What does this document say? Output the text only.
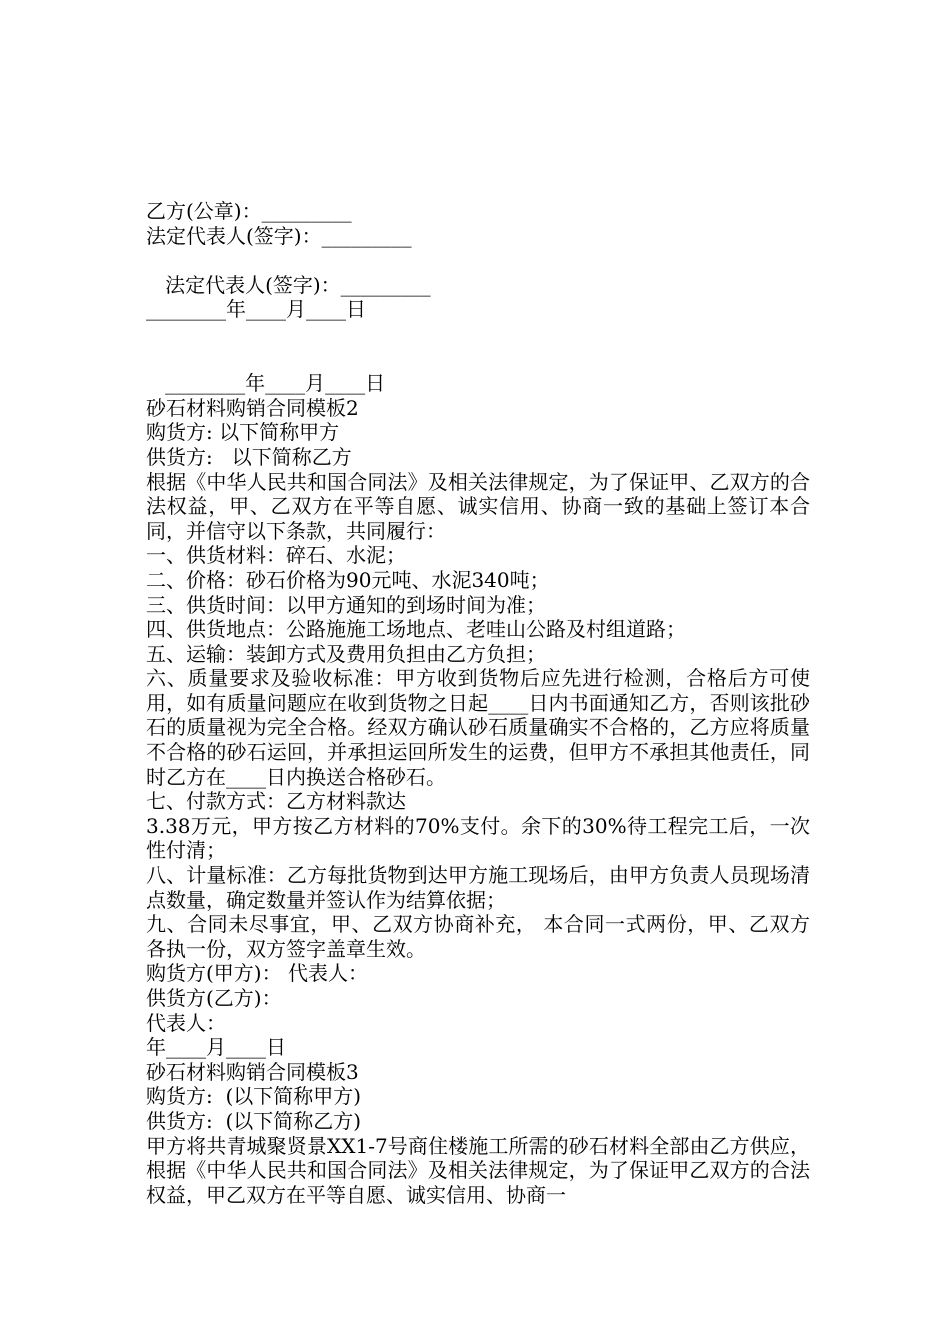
乙方(公章)：_________
法定代表人(签字)：_________
法定代表人(签字)：_________
________年____月____日
________年____月____日
砂石材料购销合同模板2
购货方: 以下简称甲方
供货方:   以下简称乙方
根据《中华人民共和国合同法》及相关法律规定，为了保证甲、乙双方的合法权益，甲、乙双方在平等自愿、诚实信用、协商一致的基础上签订本合同，并信守以下条款，共同履行：
一、供货材料：碎石、水泥；
二、价格：砂石价格为90元吨、水泥340吨；
三、供货时间：以甲方通知的到场时间为准；
四、供货地点：公路施施工场地点、老哇山公路及村组道路；
五、运输：装卸方式及费用负担由乙方负担；
六、质量要求及验收标准：甲方收到货物后应先进行检测，合格后方可使用，如有质量问题应在收到货物之日起____日内书面通知乙方，否则该批砂石的质量视为完全合格。经双方确认砂石质量确实不合格的，乙方应将质量不合格的砂石运回，并承担运回所发生的运费，但甲方不承担其他责任，同时乙方在____日内换送合格砂石。
七、付款方式：乙方材料款达
3.38万元，甲方按乙方材料的70%支付。余下的30%待工程完工后，一次性付清；
八、计量标准：乙方每批货物到达甲方施工现场后，由甲方负责人员现场清点数量，确定数量并签认作为结算依据；
九、合同未尽事宜，甲、乙双方协商补充， 本合同一式两份，甲、乙双方各执一份，双方签字盖章生效。
购货方(甲方)： 代表人：
供货方(乙方)：
代表人：
年____月____日
砂石材料购销合同模板3
购货方:  (以下简称甲方)
供货方:  (以下简称乙方)
甲方将共青城聚贤景XX1-7号商住楼施工所需的砂石材料全部由乙方供应，根据《中华人民共和国合同法》及相关法律规定，为了保证甲乙双方的合法权益，甲乙双方在平等自愿、诚实信用、协商一
